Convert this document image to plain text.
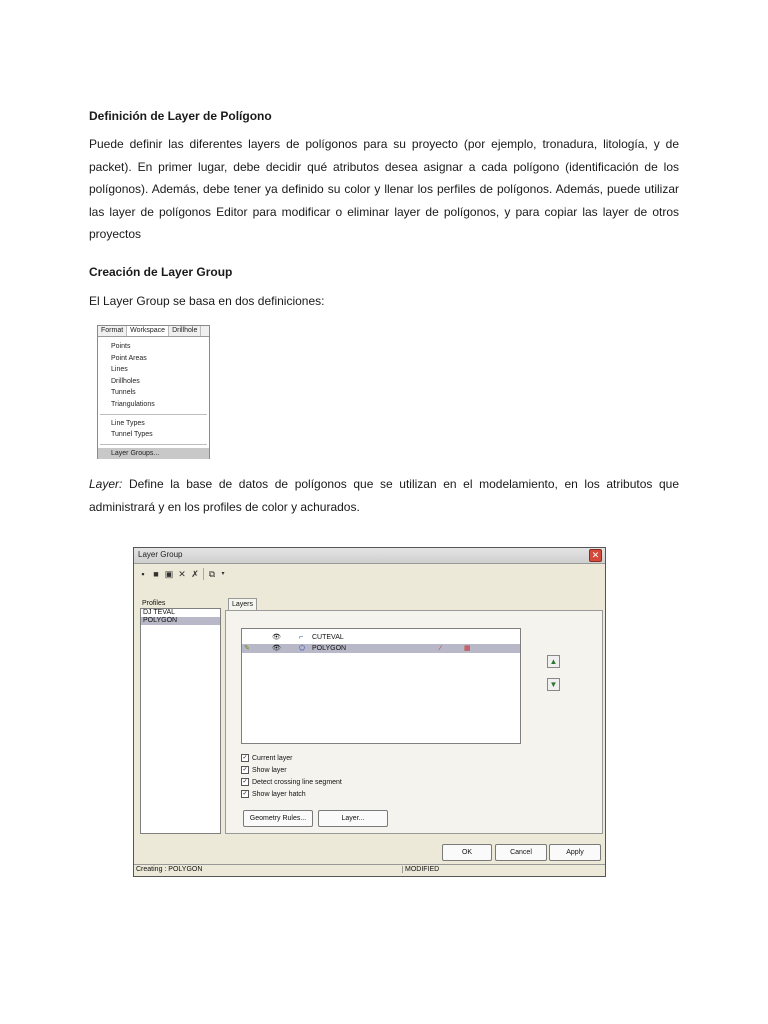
Definición de Layer de Polígono

Puede definir las diferentes layers de polígonos para su proyecto (por ejemplo, tronadura, litología, y de packet). En primer lugar, debe decidir qué atributos desea asignar a cada polígono (identificación de los polígonos). Además, debe tener ya definido su color y llenar los perfiles de polígonos. Además, puede utilizar las layer de polígonos Editor para modificar o eliminar layer de polígonos, y para copiar las layer de otros proyectos

Creación de Layer Group
El Layer Group se basa en dos definiciones:

Layer: Define la base de datos de polígonos que se utilizan en el modelamiento, en los atributos que administrará y en los profiles de color y achurados.

Format	Workspace	Drillhole
Points
Point Areas
Lines
Drillholes
Tunnels
Triangulations
Line Types
Tunnel Types
Layer Groups...
Layer Group	✕
▪ ■ ▣ ✕ ✗ ⧉ ▾
Profiles
DJ TEVAL
POLYGON
Layers
👁	⌐ CUTEVAL
✎	👁	⬠ POLYGON	∕	▦
▲
▼
✓ Current layer
✓ Show layer
✓ Detect crossing line segment
✓ Show layer hatch
Geometry Rules...	Layer...
OK	Cancel	Apply
Creating : POLYGON	MODIFIED
